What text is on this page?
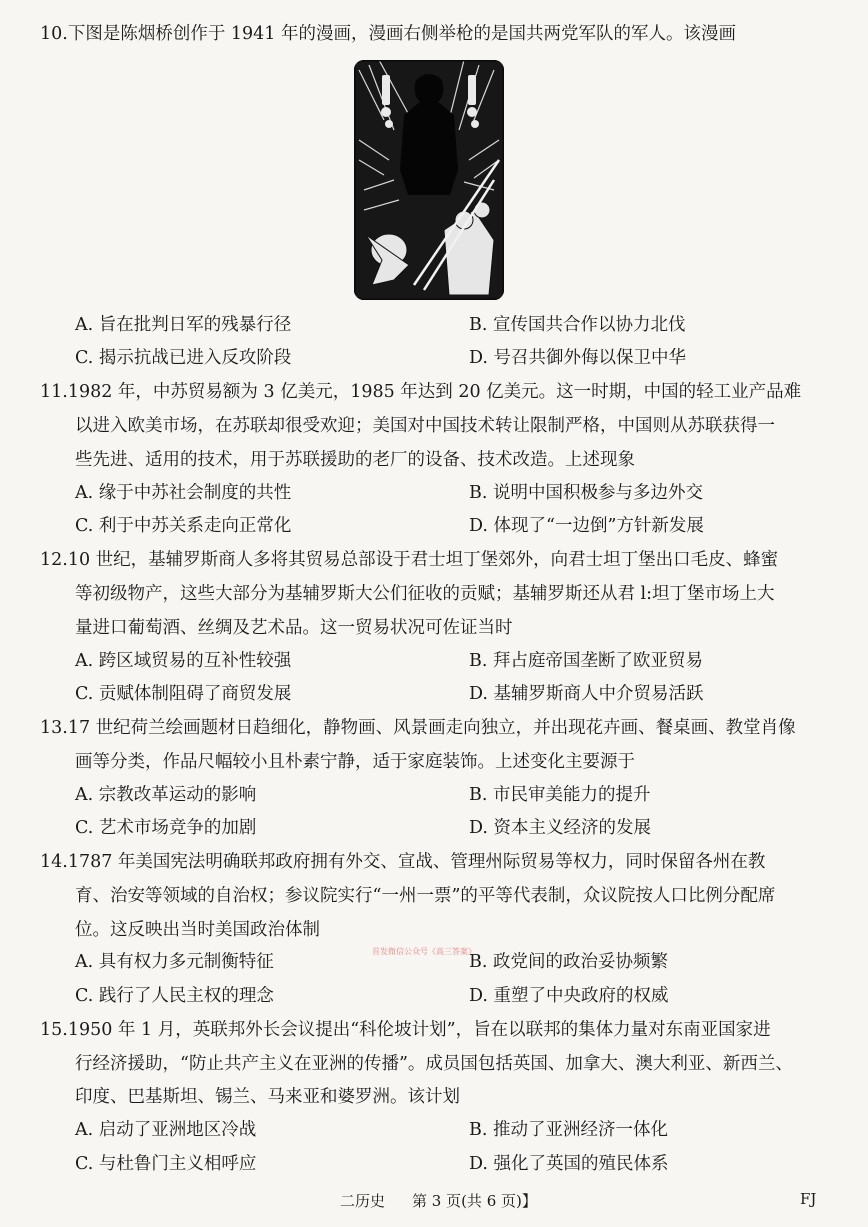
10.下图是陈烟桥创作于 1941 年的漫画，漫画右侧举枪的是国共两党军队的军人。该漫画
A. 旨在批判日军的残暴行径	B. 宣传国共合作以协力北伐
C. 揭示抗战已进入反攻阶段	D. 号召共御外侮以保卫中华
11.1982 年，中苏贸易额为 3 亿美元，1985 年达到 20 亿美元。这一时期，中国的轻工业产品难
以进入欧美市场，在苏联却很受欢迎；美国对中国技术转让限制严格，中国则从苏联获得一
些先进、适用的技术，用于苏联援助的老厂的设备、技术改造。上述现象
A. 缘于中苏社会制度的共性	B. 说明中国积极参与多边外交
C. 利于中苏关系走向正常化	D. 体现了“一边倒”方针新发展
12.10 世纪，基辅罗斯商人多将其贸易总部设于君士坦丁堡郊外，向君士坦丁堡出口毛皮、蜂蜜
等初级物产，这些大部分为基辅罗斯大公们征收的贡赋；基辅罗斯还从君 l:坦丁堡市场上大
量进口葡萄酒、丝绸及艺术品。这一贸易状况可佐证当时
A. 跨区域贸易的互补性较强	B. 拜占庭帝国垄断了欧亚贸易
C. 贡赋体制阻碍了商贸发展	D. 基辅罗斯商人中介贸易活跃
13.17 世纪荷兰绘画题材日趋细化，静物画、风景画走向独立，并出现花卉画、餐桌画、教堂肖像
画等分类，作品尺幅较小且朴素宁静，适于家庭装饰。上述变化主要源于
A. 宗教改革运动的影响	B. 市民审美能力的提升
C. 艺术市场竞争的加剧	D. 资本主义经济的发展
14.1787 年美国宪法明确联邦政府拥有外交、宣战、管理州际贸易等权力，同时保留各州在教
育、治安等领域的自治权；参议院实行“一州一票”的平等代表制，众议院按人口比例分配席
位。这反映出当时美国政治体制
A. 具有权力多元制衡特征
首发微信公众号《高三答案》
B. 政党间的政治妥协频繁
C. 践行了人民主权的理念	D. 重塑了中央政府的权威
15.1950 年 1 月，英联邦外长会议提出“科伦坡计划”，旨在以联邦的集体力量对东南亚国家进
行经济援助，“防止共产主义在亚洲的传播”。成员国包括英国、加拿大、澳大利亚、新西兰、
印度、巴基斯坦、锡兰、马来亚和婆罗洲。该计划
A. 启动了亚洲地区冷战	B. 推动了亚洲经济一体化
C. 与杜鲁门主义相呼应	D. 强化了英国的殖民体系
二历史 第 3 页(共 6 页)】	FJ
